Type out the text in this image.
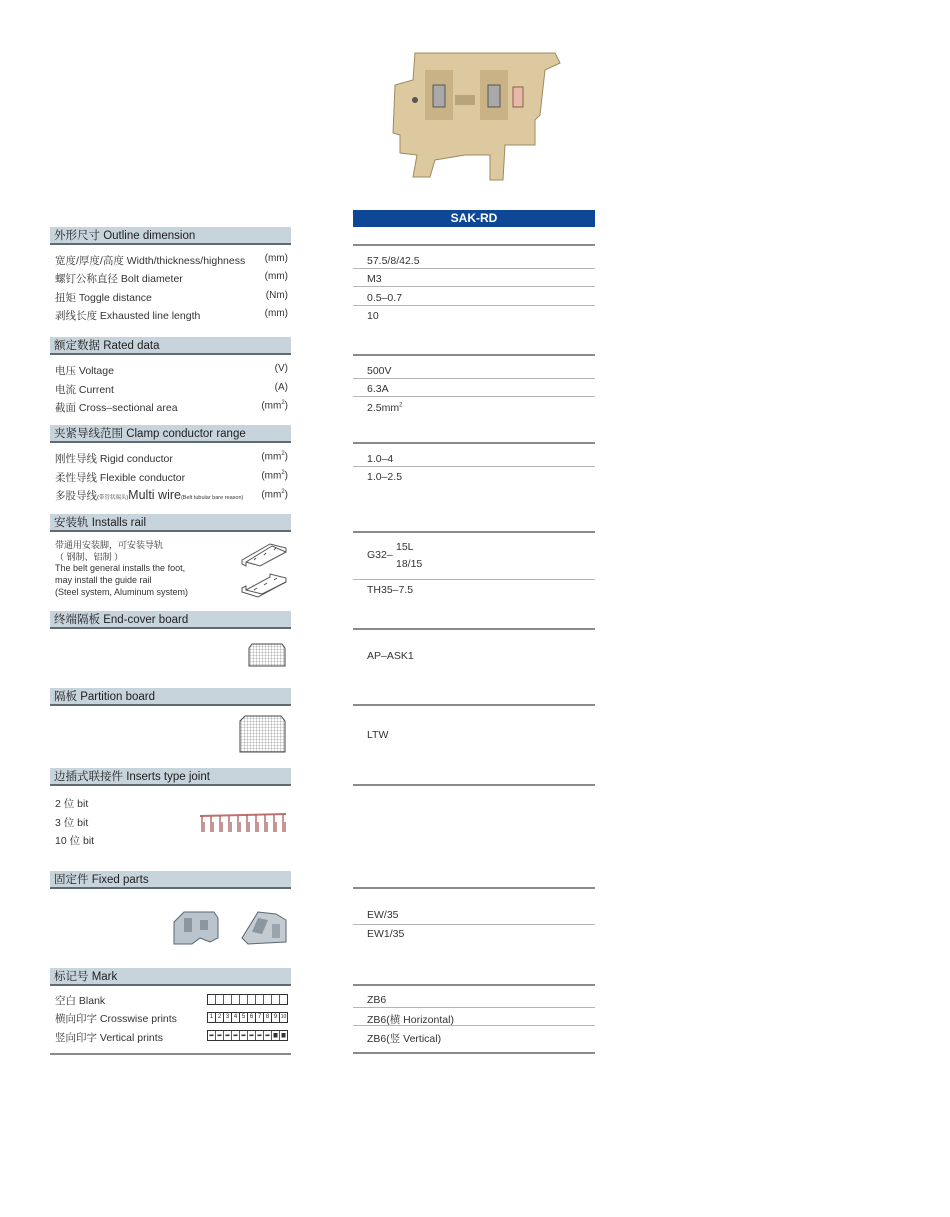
SAK-RD
外形尺寸 Outline dimension
宽度/厚度/高度 Width/thickness/highness (mm)	57.5/8/42.5
螺钉公称直径 Bolt diameter	(mm)	M3
扭矩 Toggle distance	(Nm)	0.5–0.7
剥线长度 Exhausted line length	(mm)	10
额定数据 Rated data
电压 Voltage	(V)	500V
电流 Current	(A)	6.3A
截面 Cross–sectional area	$(mm^2)$	$2.5mm^2$
夹紧导线范围 Clamp conductor range
刚性导线 Rigid conductor	$(mm^2)$	1.0–4
柔性导线 Flexible conductor	$(mm^2)$	1.0–2.5
多股导线(带管状端头)Multi wire(Belt tubular bare reason) $(mm^2)$
安装轨 Installs rail
带通用安装脚，可安装导轨
（ 钢制、铝制 ）
The belt general installs the foot,
may install the guide rail
(Steel system, Aluminum system)
G32–
15L
18/15
TH35–7.5
终端隔板 End-cover board
AP–ASK1
隔板 Partition board
LTW
边插式联接件 Inserts type joint
2 位 bit
3 位 bit
10 位 bit
固定件 Fixed parts
EW/35
EW1/35
标记号 Mark
空白 Blank	ZB6
横向印字 Crosswise prints	ZB6(横 Horizontal)
竖向印字 Vertical prints	ZB6(竖 Vertical)
1 2 3 4 5 6 7 8 9 10
